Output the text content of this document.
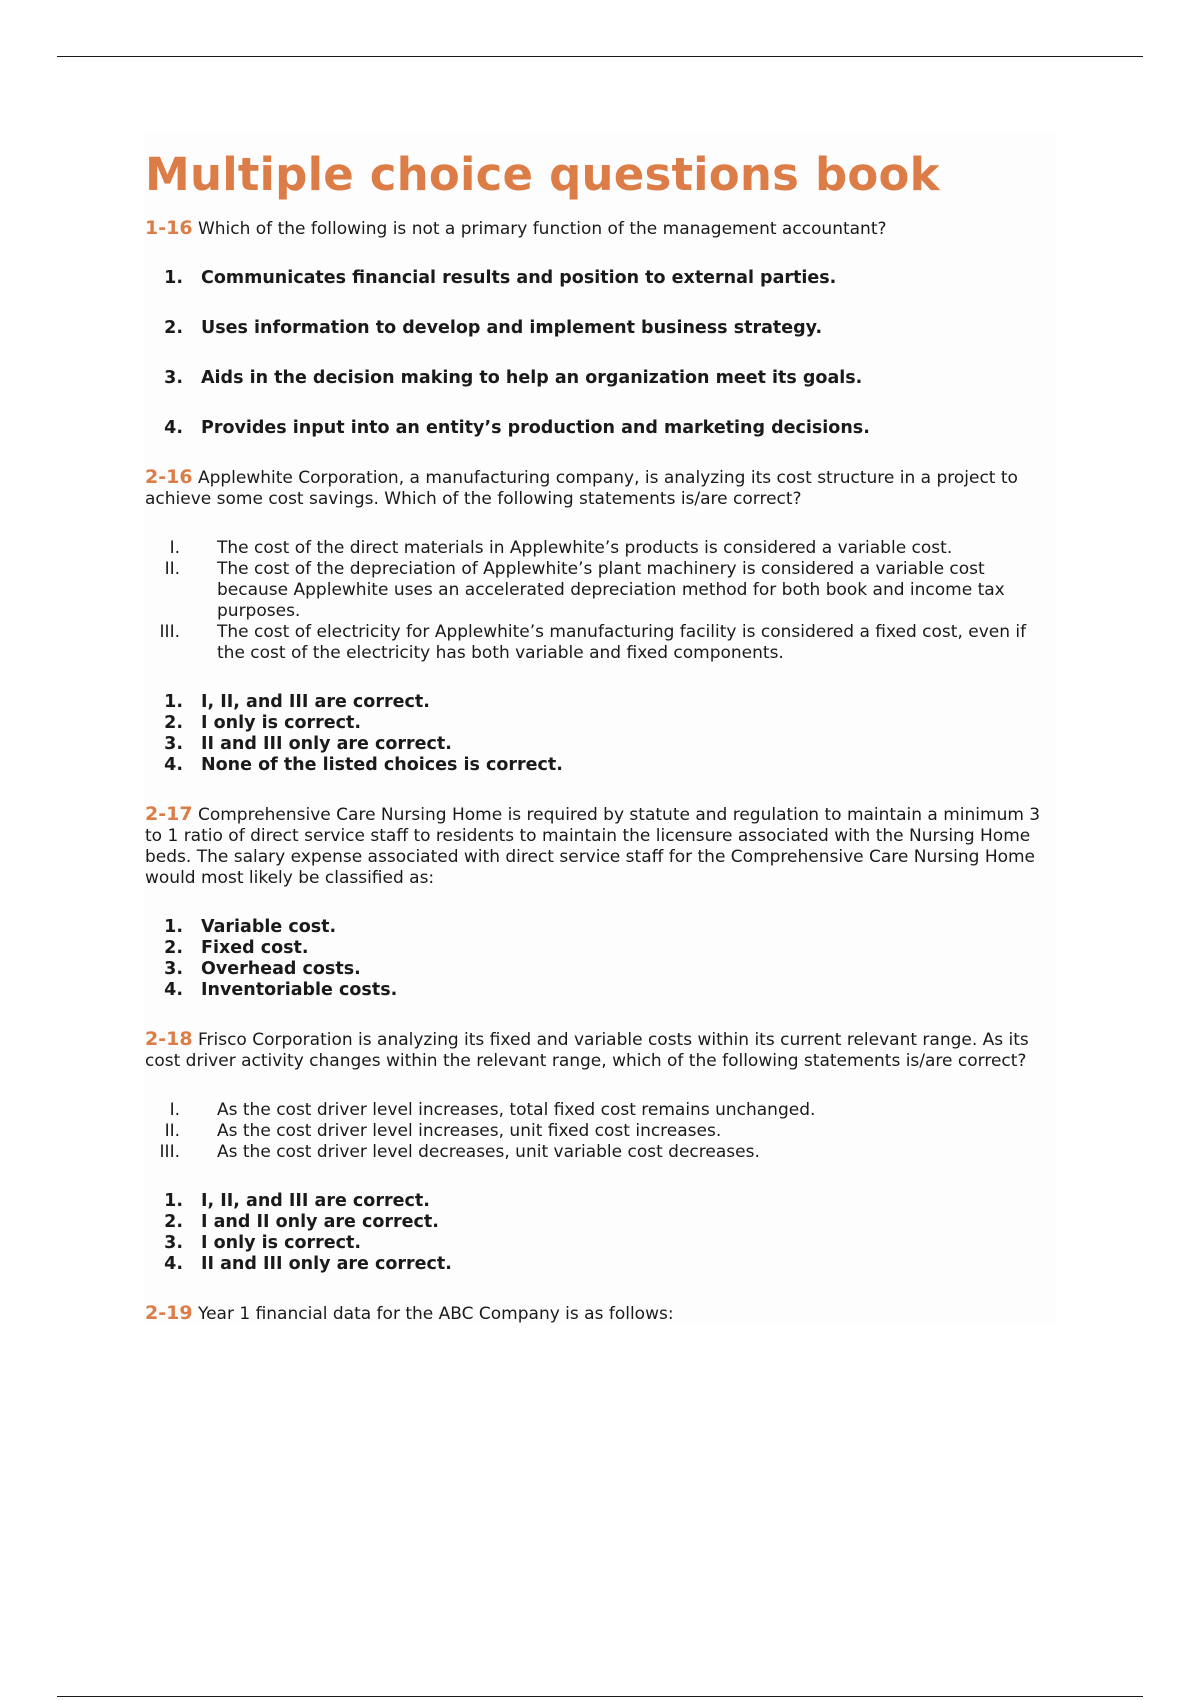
Multiple choice questions book

1-16 Which of the following is not a primary function of the management accountant?

1.	Communicates financial results and position to external parties.
2.	Uses information to develop and implement business strategy.
3.	Aids in the decision making to help an organization meet its goals.
4.	Provides input into an entity’s production and marketing decisions.

2-16 Applewhite Corporation, a manufacturing company, is analyzing its cost structure in a project to achieve some cost savings. Which of the following statements is/are correct?

I.	The cost of the direct materials in Applewhite’s products is considered a variable cost.
II.	The cost of the depreciation of Applewhite’s plant machinery is considered a variable cost because Applewhite uses an accelerated depreciation method for both book and income tax purposes.
III.	The cost of electricity for Applewhite’s manufacturing facility is considered a fixed cost, even if the cost of the electricity has both variable and fixed components.
1.	I, II, and III are correct.
2.	I only is correct.
3.	II and III only are correct.
4.	None of the listed choices is correct.

2-17 Comprehensive Care Nursing Home is required by statute and regulation to maintain a minimum 3 to 1 ratio of direct service staff to residents to maintain the licensure associated with the Nursing Home beds. The salary expense associated with direct service staff for the Comprehensive Care Nursing Home would most likely be classified as:

1.	Variable cost.
2.	Fixed cost.
3.	Overhead costs.
4.	Inventoriable costs.

2-18 Frisco Corporation is analyzing its fixed and variable costs within its current relevant range. As its cost driver activity changes within the relevant range, which of the following statements is/are correct?

I.	As the cost driver level increases, total fixed cost remains unchanged.
II.	As the cost driver level increases, unit fixed cost increases.
III.	As the cost driver level decreases, unit variable cost decreases.
1.	I, II, and III are correct.
2.	I and II only are correct.
3.	I only is correct.
4.	II and III only are correct.

2-19 Year 1 financial data for the ABC Company is as follows:
